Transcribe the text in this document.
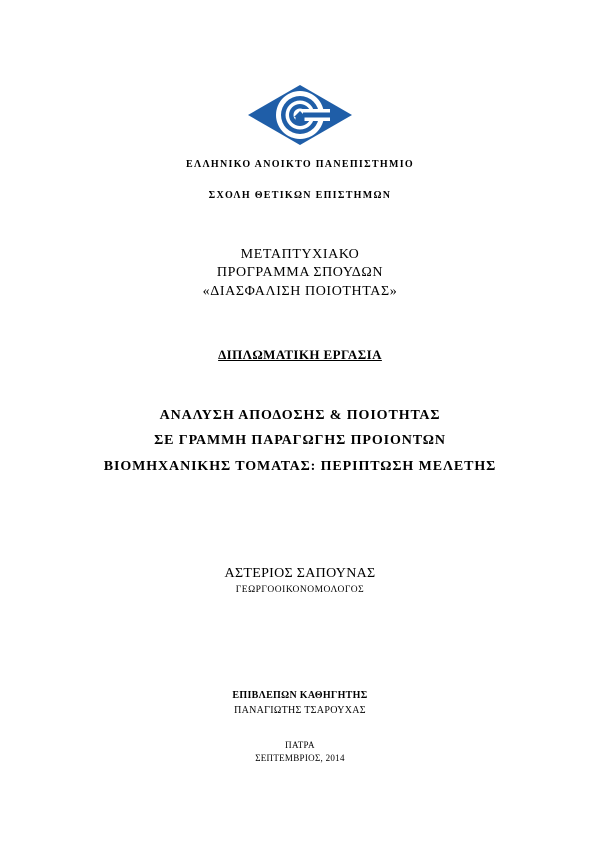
ΕΛΛΗΝΙΚΟ ΑΝΟΙΚΤΟ ΠΑΝΕΠΙΣΤΗΜΙΟ

ΣΧΟΛΗ ΘΕΤΙΚΩΝ ΕΠΙΣΤΗΜΩΝ

ΜΕΤΑΠΤΥΧΙΑΚΟ

ΠΡΟΓΡΑΜΜΑ ΣΠΟΥΔΩΝ

«ΔΙΑΣΦΑΛΙΣΗ ΠΟΙΟΤΗΤΑΣ»

ΔΙΠΛΩΜΑΤΙΚΗ ΕΡΓΑΣΙΑ

ΑΝΑΛΥΣΗ ΑΠΟΔΟΣΗΣ & ΠΟΙΟΤΗΤΑΣ

ΣΕ ΓΡΑΜΜΗ ΠΑΡΑΓΩΓΗΣ ΠΡΟΙΟΝΤΩΝ

ΒΙΟΜΗΧΑΝΙΚΗΣ ΤΟΜΑΤΑΣ: ΠΕΡΙΠΤΩΣΗ ΜΕΛΕΤΗΣ

ΑΣΤΕΡΙΟΣ ΣΑΠΟΥΝΑΣ

ΓΕΩΡΓΟΟΙΚΟΝΟΜΟΛΟΓΟΣ

ΕΠΙΒΛΕΠΩΝ ΚΑΘΗΓΗΤΗΣ

ΠΑΝΑΓΙΩΤΗΣ ΤΣΑΡΟΥΧΑΣ

ΠΑΤΡΑ

ΣΕΠΤΕΜΒΡΙΟΣ, 2014
